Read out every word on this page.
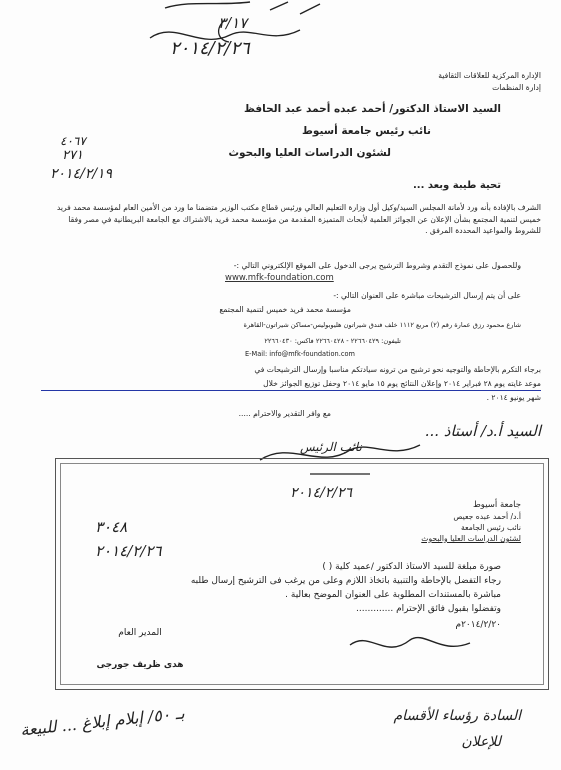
٣/١٧
٢٠١٤/٢/٢٦
الإدارة المركزية للعلاقات الثقافية
إدارة المنظمات
٤٠٦٧
٢٧١
٢٠١٤/٢/١٩
السيد الاستاذ الدكتور/ أحمد عبده أحمد عبد الحافظ
نائب رئيس جامعة أسيوط
لشئون الدراسات العليا والبحوث
تحية طيبة وبعد ...
الشرف بالإفادة بأنه ورد لأمانة المجلس السيد/وكيل أول وزارة التعليم العالي ورئيس قطاع مكتب الوزير متضمنا ما ورد من الأمين العام لمؤسسة محمد فريد خميس لتنمية المجتمع بشأن الإعلان عن الجوائز العلمية لأبحاث المتميزة المقدمة من مؤسسة محمد فريد بالاشتراك مع الجامعة البريطانية في مصر وفقا للشروط والمواعيد المحددة المرفق .
وللحصول على نموذج التقدم وشروط الترشيح يرجى الدخول على الموقع الإلكتروني التالي :-
www.mfk-foundation.com
على أن يتم إرسال الترشيحات مباشرة على العنوان التالي :-
مؤسسة محمد فريد خميس لتنمية المجتمع
شارع محمود رزق عمارة رقم (٢) مربع ١١١٢ خلف فندق شيراتون هليوبوليس-مساكن شيراتون-القاهرة
تليفون: ٢٢٦٦٠٤٢٩ - ٢٢٦٦٠٤٢٨ فاكس: ٢٢٦٦٠٤٣٠
E-Mail: info@mfk-foundation.com
برجاء التكرم بالإحاطة والتوجيه نحو ترشيح من ترونه سيادتكم مناسبا وإرسال الترشيحات في
موعد غايته يوم ٢٨ فبراير ٢٠١٤ وإعلان النتائج يوم ١٥ مايو ٢٠١٤ وحفل توزيع الجوائز خلال
شهر يونيو ٢٠١٤ .
مع وافر التقدير والاحترام .....
السيد أ.د/ أستاذ ...
نائب الرئيس
٢٠١٤/٢/٢٦
جامعة أسيوط
أ.د/ أحمد عبده جعيص
نائب رئيس الجامعة
لشئون الدراسات العليا والبحوث
٣٠٤٨
٢٠١٤/٢/٢٦
صورة مبلغة للسيد الاستاذ الدكتور /عميد كلية ( )
رجاء التفضل بالإحاطة والتنبية باتخاذ اللازم وعلى من يرغب فى الترشيح إرسال طلبه
مباشرة بالمستندات المطلوبة على العنوان الموضح بعالية .
وتفضلوا بقبول فائق الإحترام .............
٢٠١٤/٢/٢٠م
المدير العام
هدى ظريف جورجى
بـ ٥٠/ إبلام إبلاغ ... للبيعة	السادة رؤساء الأقسام
للإعلان
